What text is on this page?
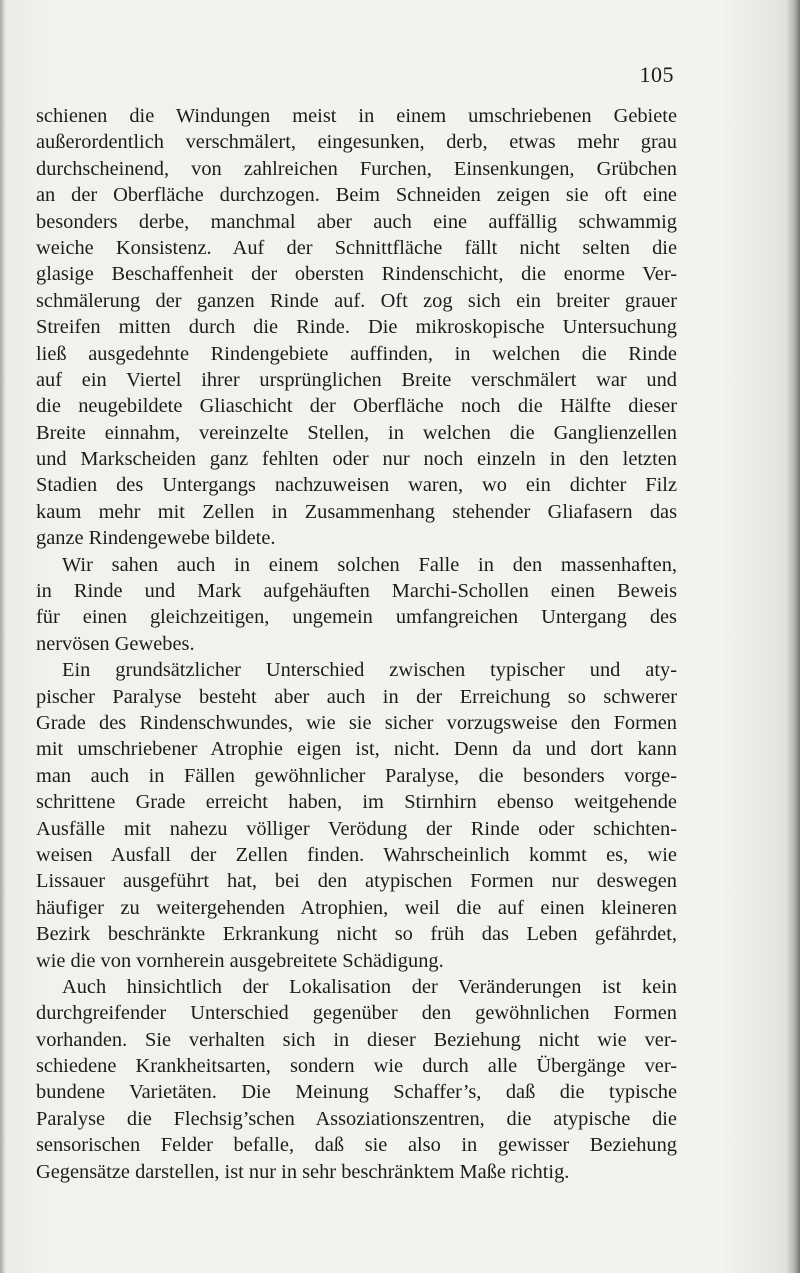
105
schienen die Windungen meist in einem umschriebenen Gebiete
außerordentlich verschmälert, eingesunken, derb, etwas mehr grau
durchscheinend, von zahlreichen Furchen, Einsenkungen, Grübchen
an der Oberfläche durchzogen. Beim Schneiden zeigen sie oft eine
besonders derbe, manchmal aber auch eine auffällig schwammig
weiche Konsistenz. Auf der Schnittfläche fällt nicht selten die
glasige Beschaffenheit der obersten Rindenschicht, die enorme Ver-
schmälerung der ganzen Rinde auf. Oft zog sich ein breiter grauer
Streifen mitten durch die Rinde. Die mikroskopische Untersuchung
ließ ausgedehnte Rindengebiete auffinden, in welchen die Rinde
auf ein Viertel ihrer ursprünglichen Breite verschmälert war und
die neugebildete Gliaschicht der Oberfläche noch die Hälfte dieser
Breite einnahm, vereinzelte Stellen, in welchen die Ganglienzellen
und Markscheiden ganz fehlten oder nur noch einzeln in den letzten
Stadien des Untergangs nachzuweisen waren, wo ein dichter Filz
kaum mehr mit Zellen in Zusammenhang stehender Gliafasern das
ganze Rindengewebe bildete.
Wir sahen auch in einem solchen Falle in den massenhaften,
in Rinde und Mark aufgehäuften Marchi-Schollen einen Beweis
für einen gleichzeitigen, ungemein umfangreichen Untergang des
nervösen Gewebes.
Ein grundsätzlicher Unterschied zwischen typischer und aty-
pischer Paralyse besteht aber auch in der Erreichung so schwerer
Grade des Rindenschwundes, wie sie sicher vorzugsweise den Formen
mit umschriebener Atrophie eigen ist, nicht. Denn da und dort kann
man auch in Fällen gewöhnlicher Paralyse, die besonders vorge-
schrittene Grade erreicht haben, im Stirnhirn ebenso weitgehende
Ausfälle mit nahezu völliger Verödung der Rinde oder schichten-
weisen Ausfall der Zellen finden. Wahrscheinlich kommt es, wie
Lissauer ausgeführt hat, bei den atypischen Formen nur deswegen
häufiger zu weitergehenden Atrophien, weil die auf einen kleineren
Bezirk beschränkte Erkrankung nicht so früh das Leben gefährdet,
wie die von vornherein ausgebreitete Schädigung.
Auch hinsichtlich der Lokalisation der Veränderungen ist kein
durchgreifender Unterschied gegenüber den gewöhnlichen Formen
vorhanden. Sie verhalten sich in dieser Beziehung nicht wie ver-
schiedene Krankheitsarten, sondern wie durch alle Übergänge ver-
bundene Varietäten. Die Meinung Schaffer’s, daß die typische
Paralyse die Flechsig’schen Assoziationszentren, die atypische die
sensorischen Felder befalle, daß sie also in gewisser Beziehung
Gegensätze darstellen, ist nur in sehr beschränktem Maße richtig.
